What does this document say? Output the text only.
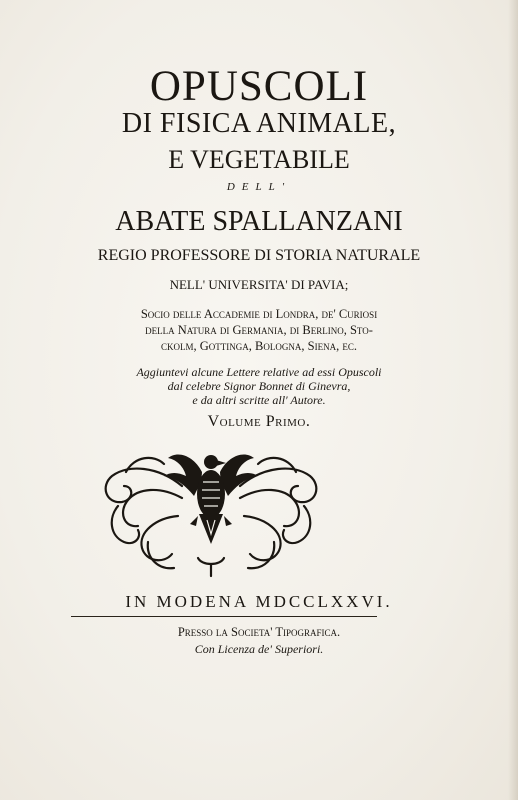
OPUSCOLI
DI FISICA ANIMALE,
E VEGETABILE
DELL'
ABATE SPALLANZANI
REGIO PROFESSORE DI STORIA NATURALE
NELL' UNIVERSITA' DI PAVIA;
Socio delle Accademie di Londra, de' Curiosi
della Natura di Germania, di Berlino, Sto-
ckolm, Gottinga, Bologna, Siena, ec.
Aggiuntevi alcune Lettere relative ad essi Opuscoli
dal celebre Signor Bonnet di Ginevra,
e da altri scritte all' Autore.
Volume Primo.
IN MODENA MDCCLXXVI.
Presso la Societa' Tipografica.
Con Licenza de' Superiori.
